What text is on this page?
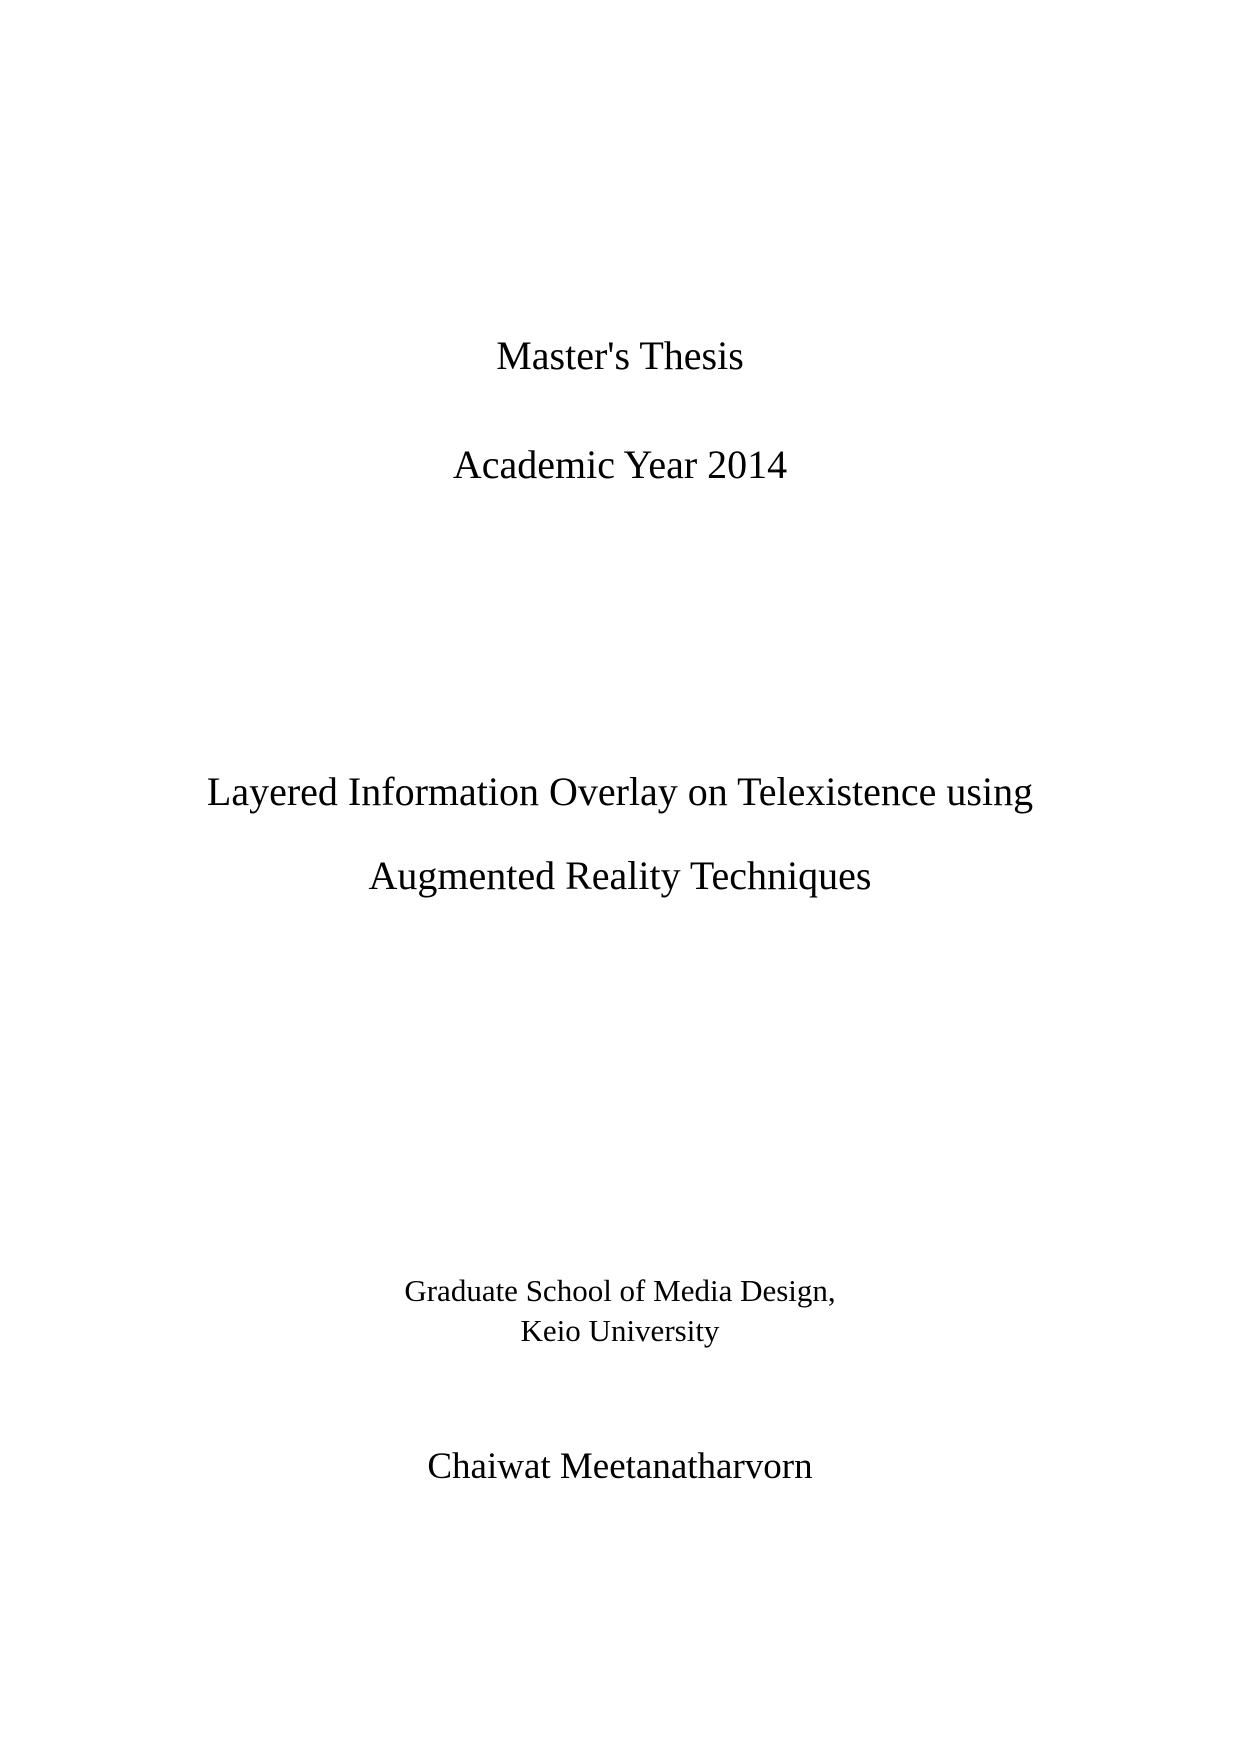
Master's Thesis
Academic Year 2014
Layered Information Overlay on Telexistence using
Augmented Reality Techniques
Graduate School of Media Design,
Keio University
Chaiwat Meetanatharvorn
